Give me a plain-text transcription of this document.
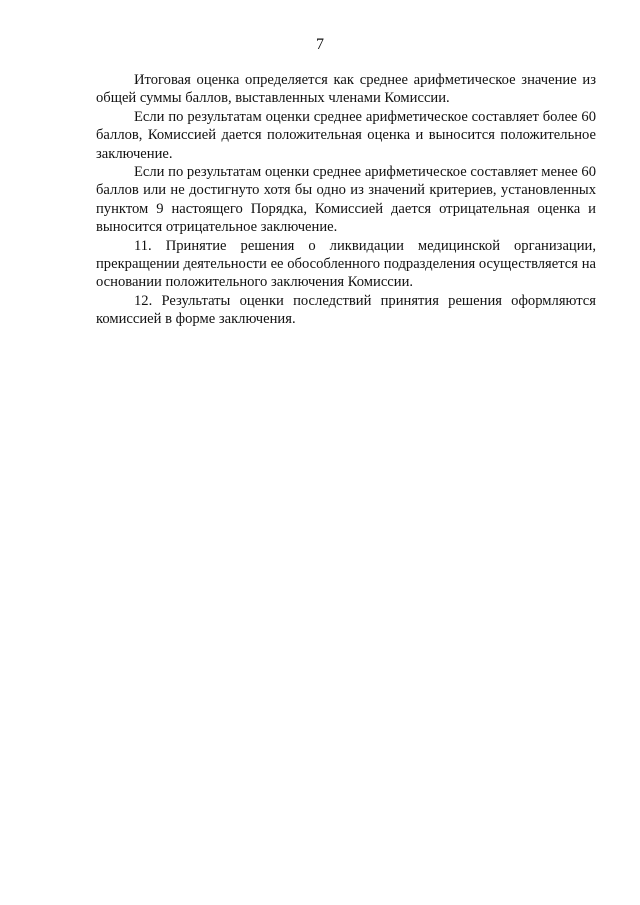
7

Итоговая оценка определяется как среднее арифметическое значение из общей суммы баллов, выставленных членами Комиссии.

Если по результатам оценки среднее арифметическое составляет более 60 баллов, Комиссией дается положительная оценка и выносится положительное заключение.

Если по результатам оценки среднее арифметическое составляет менее 60 баллов или не достигнуто хотя бы одно из значений критериев, установленных пунктом 9 настоящего Порядка, Комиссией дается отрицательная оценка и выносится отрицательное заключение.

11. Принятие решения о ликвидации медицинской организации, прекращении деятельности ее обособленного подразделения осуществляется на основании положительного заключения Комиссии.

12. Результаты оценки последствий принятия решения оформляются комиссией в форме заключения.
